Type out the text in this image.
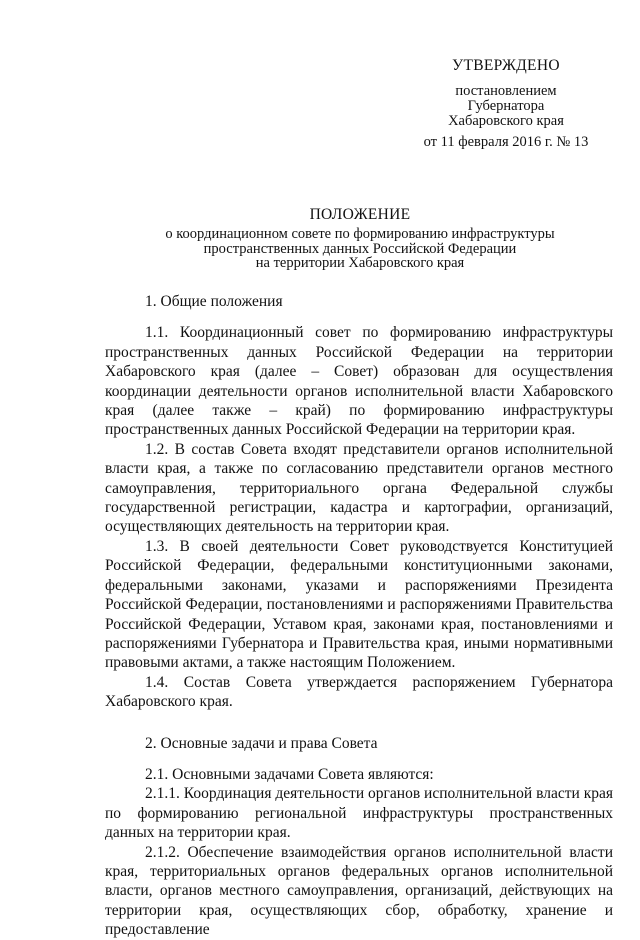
УТВЕРЖДЕНО
постановлением
Губернатора
Хабаровского края
от 11 февраля 2016 г. № 13
ПОЛОЖЕНИЕ
о координационном совете по формированию инфраструктуры
пространственных данных Российской Федерации
на территории Хабаровского края

1. Общие положения

1.1. Координационный совет по формированию инфраструктуры пространственных данных Российской Федерации на территории Хабаровского края (далее – Совет) образован для осуществления координации деятельности органов исполнительной власти Хабаровского края (далее также – край) по формированию инфраструктуры пространственных данных Российской Федерации на территории края.

1.2. В состав Совета входят представители органов исполнительной власти края, а также по согласованию представители органов местного самоуправления, территориального органа Федеральной службы государственной регистрации, кадастра и картографии, организаций, осуществляющих деятельность на территории края.

1.3. В своей деятельности Совет руководствуется Конституцией Российской Федерации, федеральными конституционными законами, федеральными законами, указами и распоряжениями Президента Российской Федерации, постановлениями и распоряжениями Правительства Российской Федерации, Уставом края, законами края, постановлениями и распоряжениями Губернатора и Правительства края, иными нормативными правовыми актами, а также настоящим Положением.

1.4. Состав Совета утверждается распоряжением Губернатора Хабаровского края.

2. Основные задачи и права Совета

2.1. Основными задачами Совета являются:

2.1.1. Координация деятельности органов исполнительной власти края по формированию региональной инфраструктуры пространственных данных на территории края.

2.1.2. Обеспечение взаимодействия органов исполнительной власти края, территориальных органов федеральных органов исполнительной власти, органов местного самоуправления, организаций, действующих на территории края, осуществляющих сбор, обработку, хранение и предоставление
